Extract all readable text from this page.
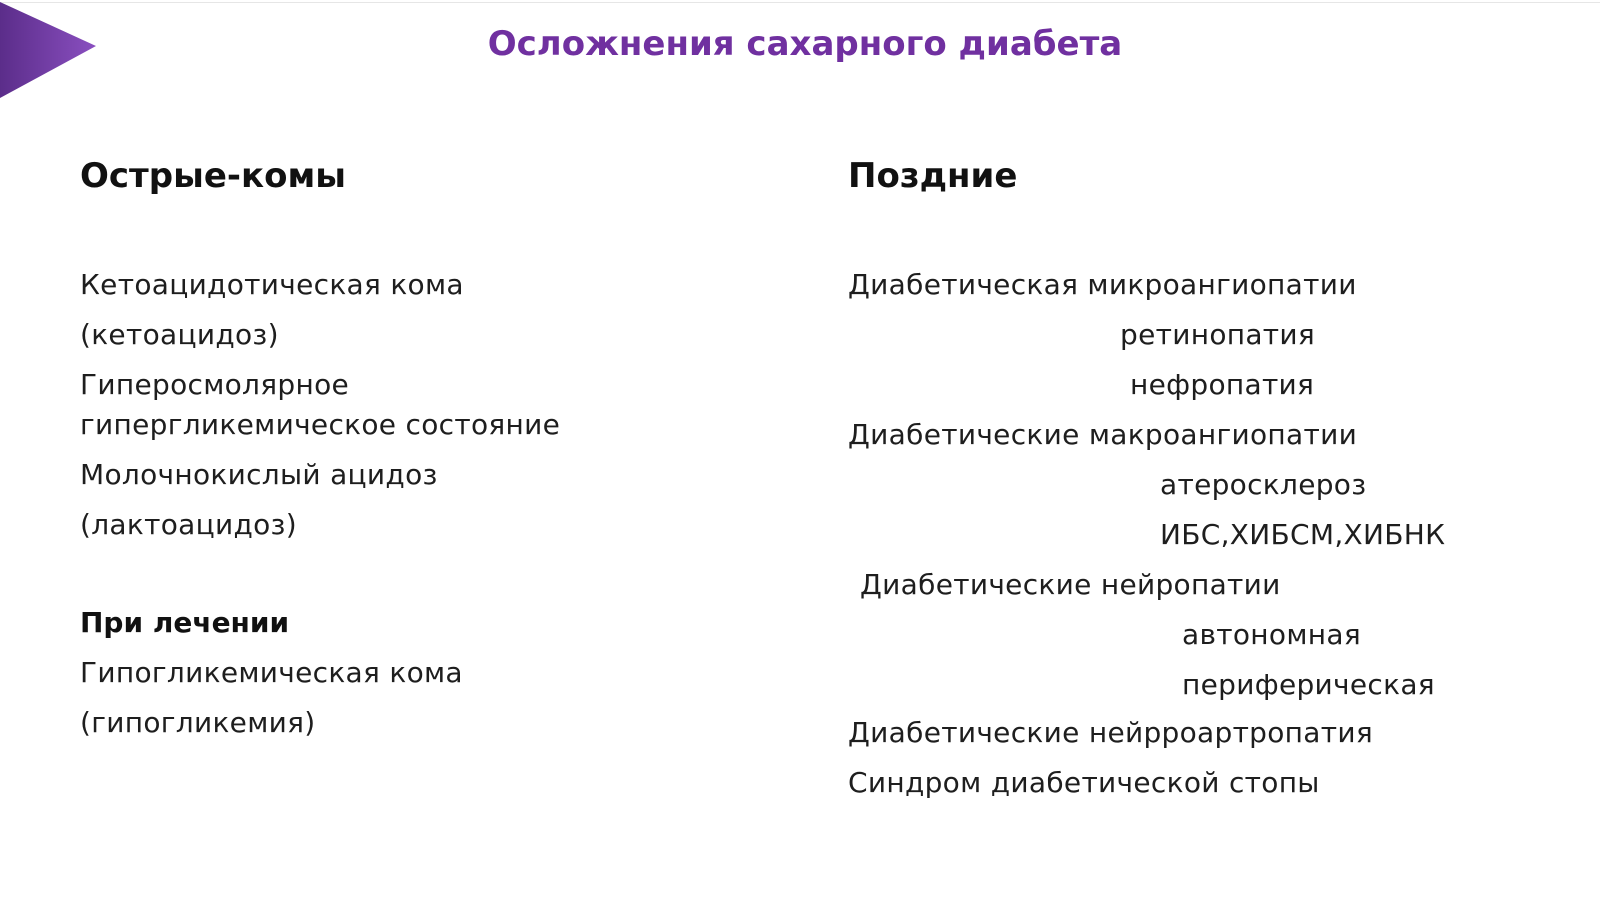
Осложнения сахарного диабета
Острые-комы
Кетоацидотическая кома
(кетоацидоз)
Гиперосмолярное
гипергликемическое состояние
Молочнокислый ацидоз
(лактоацидоз)
При лечении
Гипогликемическая кома
(гипогликемия)
Поздние
Диабетическая микроангиопатии
ретинопатия
нефропатия
Диабетические макроангиопатии
атеросклероз
ИБС,ХИБСМ,ХИБНК
Диабетические нейропатии
автономная
периферическая
Диабетические нейрроартропатия
Синдром диабетической стопы
